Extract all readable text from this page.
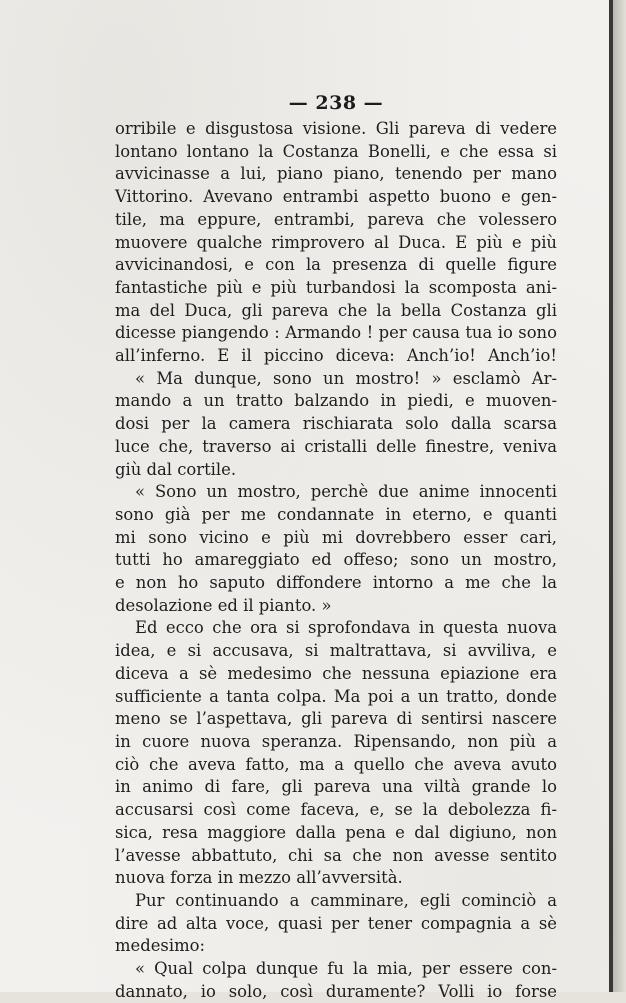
— 238 —
orribile e disgustosa visione. Gli pareva di vedere
lontano lontano la Costanza Bonelli, e che essa si
avvicinasse a lui, piano piano, tenendo per mano
Vittorino. Avevano entrambi aspetto buono e gen-
tile, ma eppure, entrambi, pareva che volessero
muovere qualche rimprovero al Duca. E più e più
avvicinandosi, e con la presenza di quelle figure
fantastiche più e più turbandosi la scomposta ani-
ma del Duca, gli pareva che la bella Costanza gli
dicesse piangendo : Armando ! per causa tua io sono
all’inferno. E il piccino diceva: Anch’io! Anch’io!
« Ma dunque, sono un mostro! » esclamò Ar-
mando a un tratto balzando in piedi, e muoven-
dosi per la camera rischiarata solo dalla scarsa
luce che, traverso ai cristalli delle finestre, veniva
giù dal cortile.
« Sono un mostro, perchè due anime innocenti
sono già per me condannate in eterno, e quanti
mi sono vicino e più mi dovrebbero esser cari,
tutti ho amareggiato ed offeso; sono un mostro,
e non ho saputo diffondere intorno a me che la
desolazione ed il pianto. »
Ed ecco che ora si sprofondava in questa nuova
idea, e si accusava, si maltrattava, si avviliva, e
diceva a sè medesimo che nessuna epiazione era
sufficiente a tanta colpa. Ma poi a un tratto, donde
meno se l’aspettava, gli pareva di sentirsi nascere
in cuore nuova speranza. Ripensando, non più a
ciò che aveva fatto, ma a quello che aveva avuto
in animo di fare, gli pareva una viltà grande lo
accusarsi così come faceva, e, se la debolezza fi-
sica, resa maggiore dalla pena e dal digiuno, non
l’avesse abbattuto, chi sa che non avesse sentito
nuova forza in mezzo all’avversità.
Pur continuando a camminare, egli cominciò a
dire ad alta voce, quasi per tener compagnia a sè
medesimo:
« Qual colpa dunque fu la mia, per essere con-
dannato, io solo, così duramente? Volli io forse
